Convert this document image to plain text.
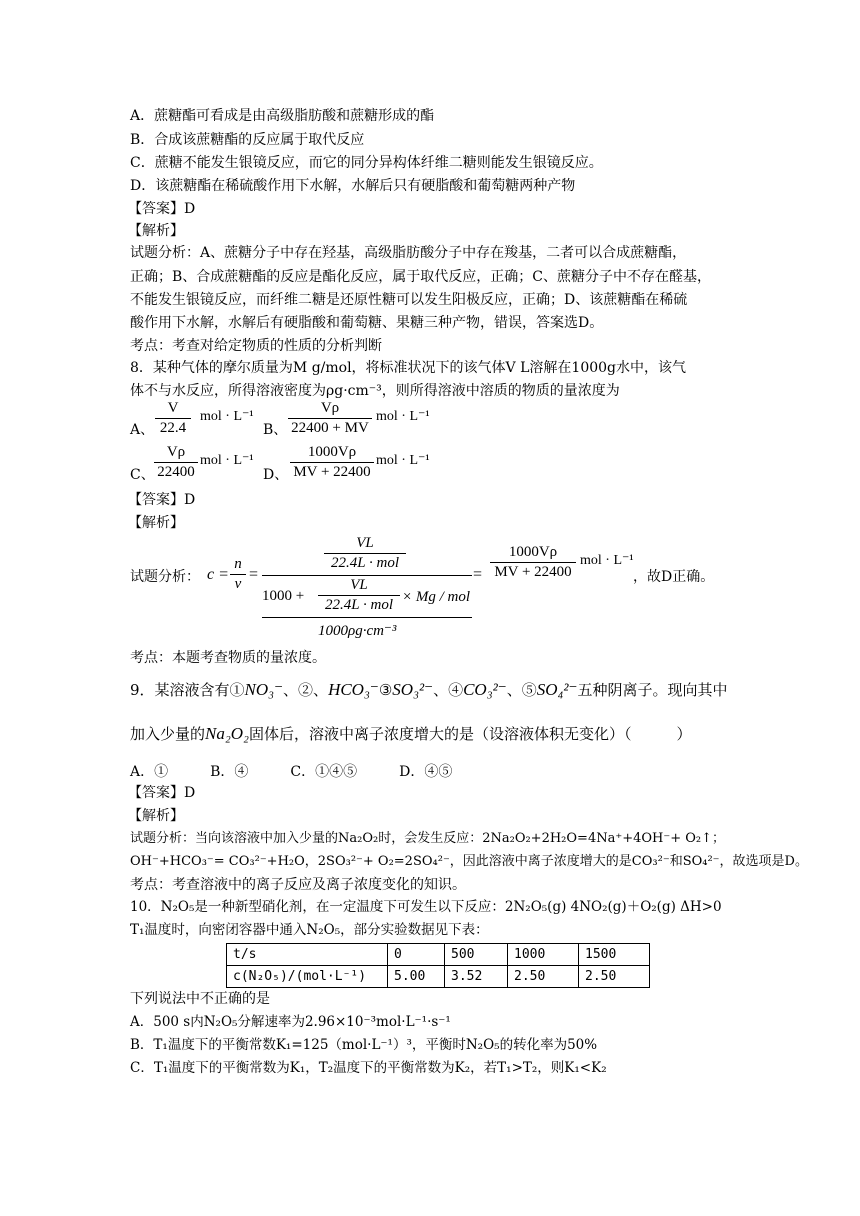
A．蔗糖酯可看成是由高级脂肪酸和蔗糖形成的酯
B．合成该蔗糖酯的反应属于取代反应
C．蔗糖不能发生银镜反应，而它的同分异构体纤维二糖则能发生银镜反应。
D．该蔗糖酯在稀硫酸作用下水解，水解后只有硬脂酸和葡萄糖两种产物
【答案】D
【解析】
试题分析：A、蔗糖分子中存在羟基，高级脂肪酸分子中存在羧基，二者可以合成蔗糖酯，
正确；B、合成蔗糖酯的反应是酯化反应，属于取代反应，正确；C、蔗糖分子中不存在醛基，
不能发生银镜反应，而纤维二糖是还原性糖可以发生阳极反应，正确；D、该蔗糖酯在稀硫
酸作用下水解，水解后有硬脂酸和葡萄糖、果糖三种产物，错误，答案选D。
考点：考查对给定物质的性质的分析判断
8．某种气体的摩尔质量为M g/mol，将标准状况下的该气体V L溶解在1000g水中，该气
体不与水反应，所得溶液密度为ρg·cm⁻³，则所得溶液中溶质的物质的量浓度为
A、 $\frac{V}{22.4}$ mol · L⁻¹
B、 $\frac{V\rho}{22400 + MV}$ mol · L⁻¹
C、 $\frac{V\rho}{22400}$ mol · L⁻¹
D、 $\frac{1000V\rho}{MV + 22400}$ mol · L⁻¹
【答案】D
【解析】
试题分析： c =
n
v
=
VL
22.4L · mol
1000 +
VL
22.4L · mol × Mg / mol
1000ρg·cm⁻³
= $\frac{1000V\rho}{MV + 22400}$ mol · L⁻¹
，故D正确。
考点：本题考查物质的量浓度。
9．某溶液含有①NO₃⁻、②、HCO₃⁻③SO₃²⁻、④CO₃²⁻、⑤SO₄²⁻五种阴离子。现向其中
加入少量的Na₂O₂固体后，溶液中离子浓度增大的是（设溶液体积无变化）（　　　）
A．①　　　B．④　　　C．①④⑤　　　D．④⑤
【答案】D
【解析】
试题分析：当向该溶液中加入少量的Na₂O₂时，会发生反应：2Na₂O₂+2H₂O=4Na⁺+4OH⁻+ O₂↑；
OH⁻+HCO₃⁻= CO₃²⁻+H₂O，2SO₃²⁻+ O₂=2SO₄²⁻，因此溶液中离子浓度增大的是CO₃²⁻和SO₄²⁻，故选项是D。
考点：考查溶液中的离子反应及离子浓度变化的知识。
10．N₂O₅是一种新型硝化剂，在一定温度下可发生以下反应：2N₂O₅(g) 4NO₂(g)＋O₂(g) ΔH>0
T₁温度时，向密闭容器中通入N₂O₅，部分实验数据见下表：
t/s	0	500	1000	1500
c(N₂O₅)/(mol·L⁻¹)	5.00	3.52	2.50	2.50
下列说法中不正确的是
A．500 s内N₂O₅分解速率为2.96×10⁻³mol·L⁻¹·s⁻¹
B．T₁温度下的平衡常数K₁=125（mol·L⁻¹）³，平衡时N₂O₅的转化率为50%
C．T₁温度下的平衡常数为K₁，T₂温度下的平衡常数为K₂，若T₁>T₂，则K₁<K₂
